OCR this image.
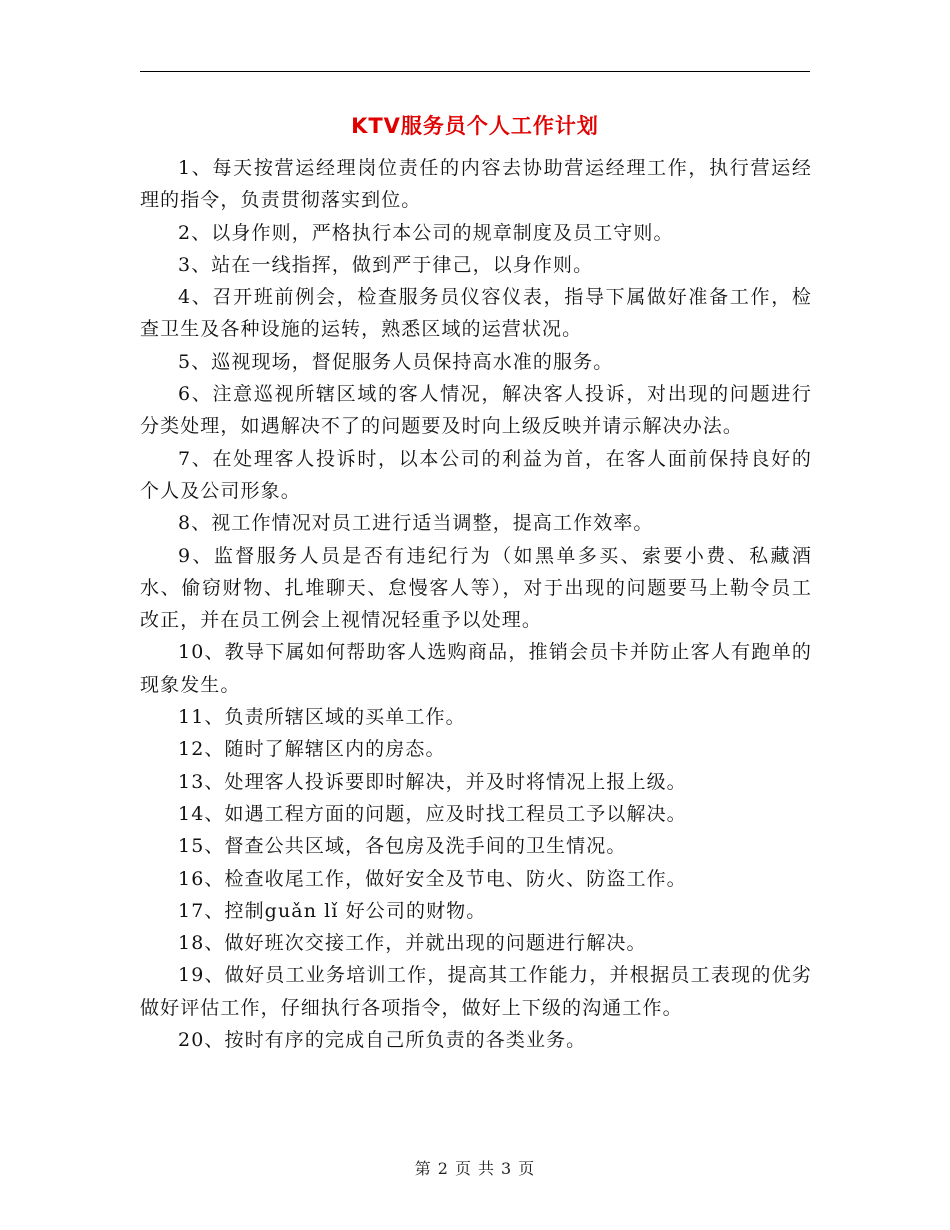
KTV服务员个人工作计划

1、每天按营运经理岗位责任的内容去协助营运经理工作，执行营运经理的指令，负责贯彻落实到位。

2、以身作则，严格执行本公司的规章制度及员工守则。

3、站在一线指挥，做到严于律己，以身作则。

4、召开班前例会，检查服务员仪容仪表，指导下属做好准备工作，检查卫生及各种设施的运转，熟悉区域的运营状况。

5、巡视现场，督促服务人员保持高水准的服务。

6、注意巡视所辖区域的客人情况，解决客人投诉，对出现的问题进行分类处理，如遇解决不了的问题要及时向上级反映并请示解决办法。

7、在处理客人投诉时，以本公司的利益为首，在客人面前保持良好的个人及公司形象。

8、视工作情况对员工进行适当调整，提高工作效率。

9、监督服务人员是否有违纪行为（如黑单多买、索要小费、私藏酒水、偷窃财物、扎堆聊天、怠慢客人等），对于出现的问题要马上勒令员工改正，并在员工例会上视情况轻重予以处理。

10、教导下属如何帮助客人选购商品，推销会员卡并防止客人有跑单的现象发生。

11、负责所辖区域的买单工作。

12、随时了解辖区内的房态。

13、处理客人投诉要即时解决，并及时将情况上报上级。

14、如遇工程方面的问题，应及时找工程员工予以解决。

15、督查公共区域，各包房及洗手间的卫生情况。

16、检查收尾工作，做好安全及节电、防火、防盗工作。

17、控制guǎn lǐ 好公司的财物。

18、做好班次交接工作，并就出现的问题进行解决。

19、做好员工业务培训工作，提高其工作能力，并根据员工表现的优劣做好评估工作，仔细执行各项指令，做好上下级的沟通工作。

20、按时有序的完成自己所负责的各类业务。

第 2 页 共 3 页
